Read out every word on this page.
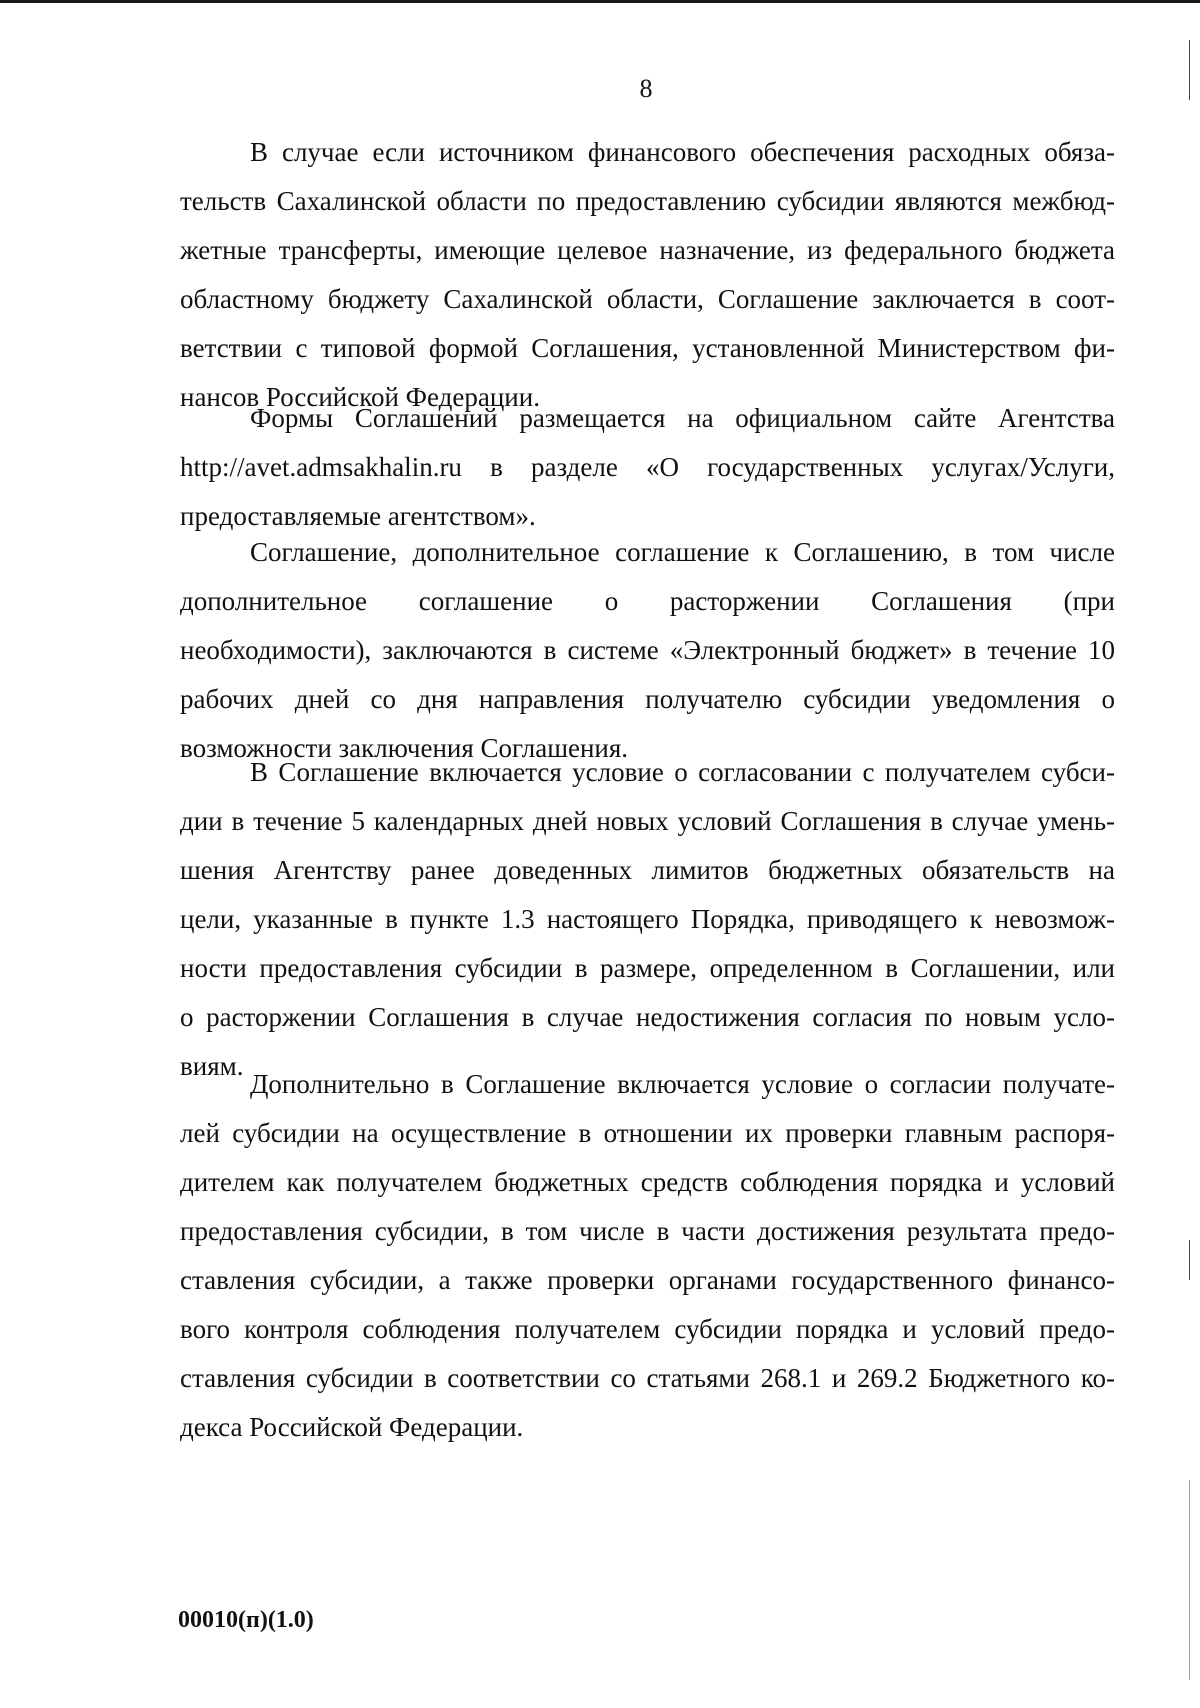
8
В случае если источником финансового обеспечения расходных обяза-
тельств Сахалинской области по предоставлению субсидии являются межбюд-
жетные трансферты, имеющие целевое назначение, из федерального бюджета
областному бюджету Сахалинской области, Соглашение заключается в соот-
ветствии с типовой формой Соглашения, установленной Министерством фи-
нансов Российской Федерации.
Формы Соглашений размещается на официальном сайте Агентства
http://avet.admsakhalin.ru в разделе «О государственных услугах/Услуги,
предоставляемые агентством».
Соглашение, дополнительное соглашение к Соглашению, в том числе
дополнительное соглашение о расторжении Соглашения (при
необходимости), заключаются в системе «Электронный бюджет» в течение 10
рабочих дней со дня направления получателю субсидии уведомления о
возможности заключения Соглашения.
В Соглашение включается условие о согласовании с получателем субси-
дии в течение 5 календарных дней новых условий Соглашения в случае умень-
шения Агентству ранее доведенных лимитов бюджетных обязательств на
цели, указанные в пункте 1.3 настоящего Порядка, приводящего к невозмож-
ности предоставления субсидии в размере, определенном в Соглашении, или
о расторжении Соглашения в случае недостижения согласия по новым усло-
виям.
Дополнительно в Соглашение включается условие о согласии получате-
лей субсидии на осуществление в отношении их проверки главным распоря-
дителем как получателем бюджетных средств соблюдения порядка и условий
предоставления субсидии, в том числе в части достижения результата предо-
ставления субсидии, а также проверки органами государственного финансо-
вого контроля соблюдения получателем субсидии порядка и условий предо-
ставления субсидии в соответствии со статьями 268.1 и 269.2 Бюджетного ко-
декса Российской Федерации.
00010(п)(1.0)
